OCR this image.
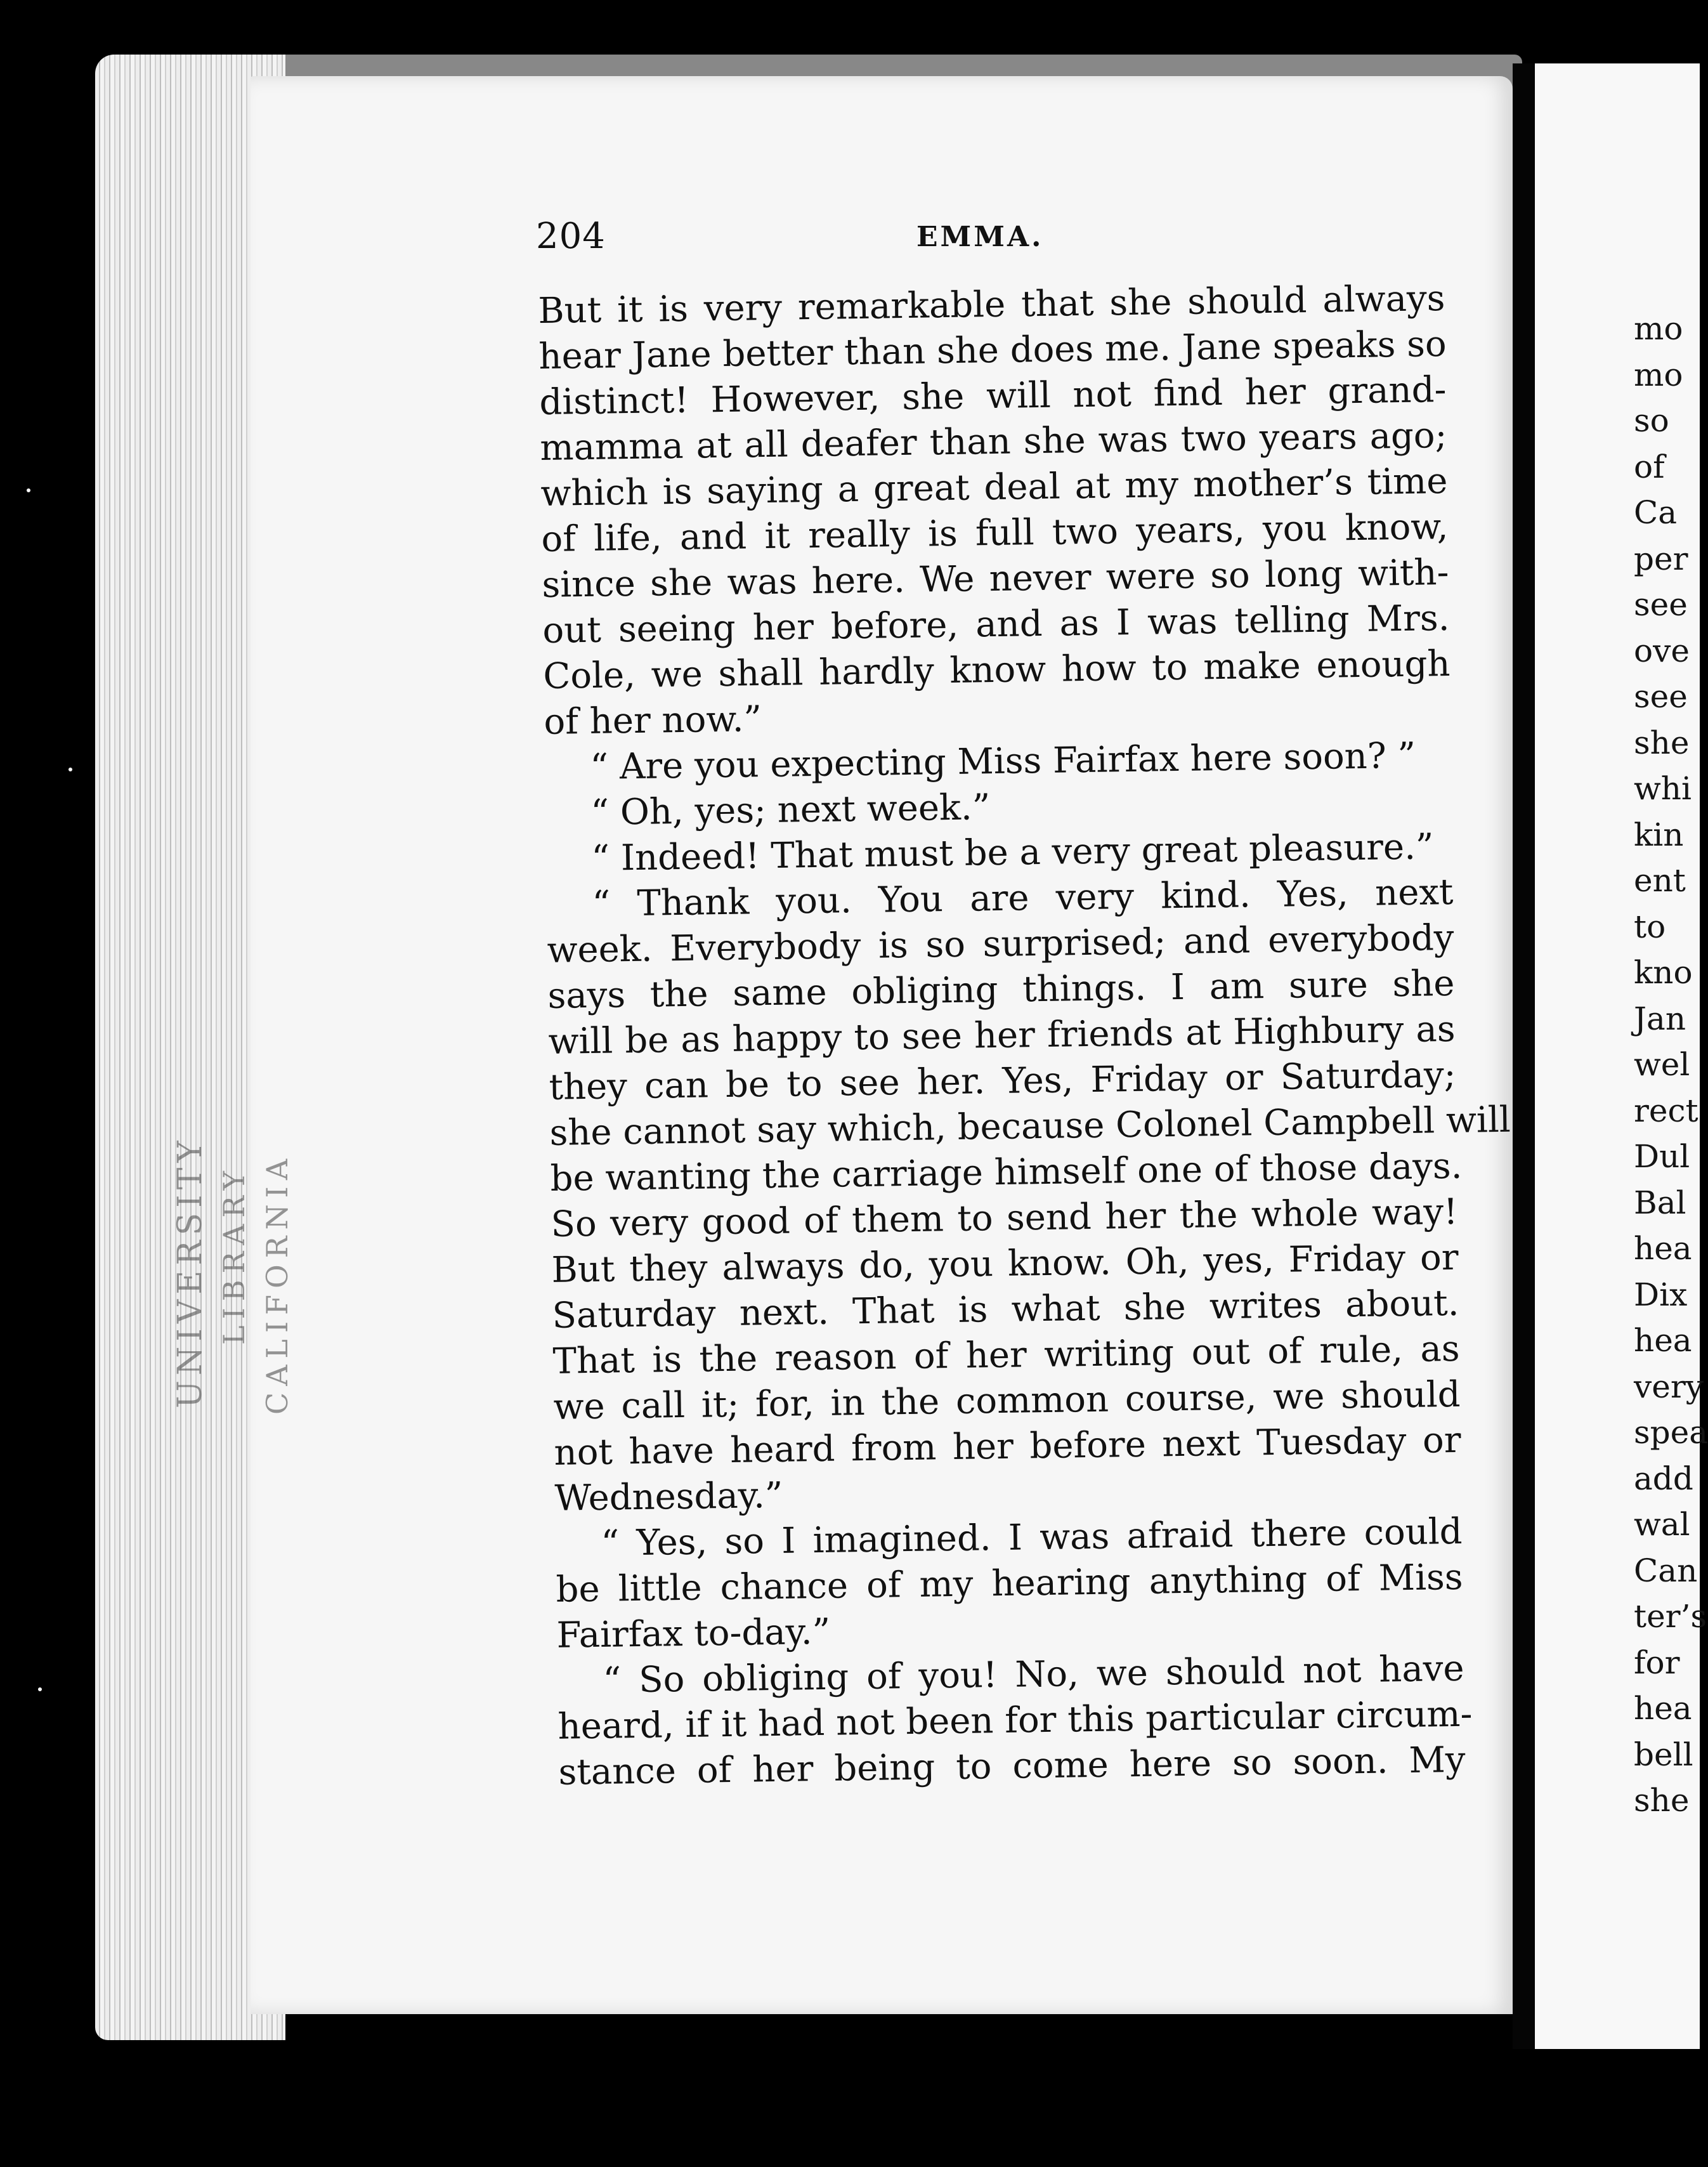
UNIVERSITY LIBRARY CALIFORNIA
204	EMMA.
But it is very remarkable that she should always
hear Jane better than she does me. Jane speaks so
distinct! However, she will not find her grand-
mamma at all deafer than she was two years ago;
which is saying a great deal at my mother’s time
of life, and it really is full two years, you know,
since she was here. We never were so long with-
out seeing her before, and as I was telling Mrs.
Cole, we shall hardly know how to make enough
of her now.”
“ Are you expecting Miss Fairfax here soon? ”
“ Oh, yes; next week.”
“ Indeed! That must be a very great pleasure.”
“ Thank you. You are very kind. Yes, next
week. Everybody is so surprised; and everybody
says the same obliging things. I am sure she
will be as happy to see her friends at Highbury as
they can be to see her. Yes, Friday or Saturday;
she cannot say which, because Colonel Campbell will
be wanting the carriage himself one of those days.
So very good of them to send her the whole way!
But they always do, you know. Oh, yes, Friday or
Saturday next. That is what she writes about.
That is the reason of her writing out of rule, as
we call it; for, in the common course, we should
not have heard from her before next Tuesday or
Wednesday.”
“ Yes, so I imagined. I was afraid there could
be little chance of my hearing anything of Miss
Fairfax to-day.”
“ So obliging of you! No, we should not have
heard, if it had not been for this particular circum-
stance of her being to come here so soon. My
mo
mo
so
of
Ca
per
see
ove
see
she
whi
kin
ent
to
kno
Jan
wel
rect
Dul
Bal
hea
Dix
hea
very
spea
add
wal
Can
ter’s
for
hea
bell
she
